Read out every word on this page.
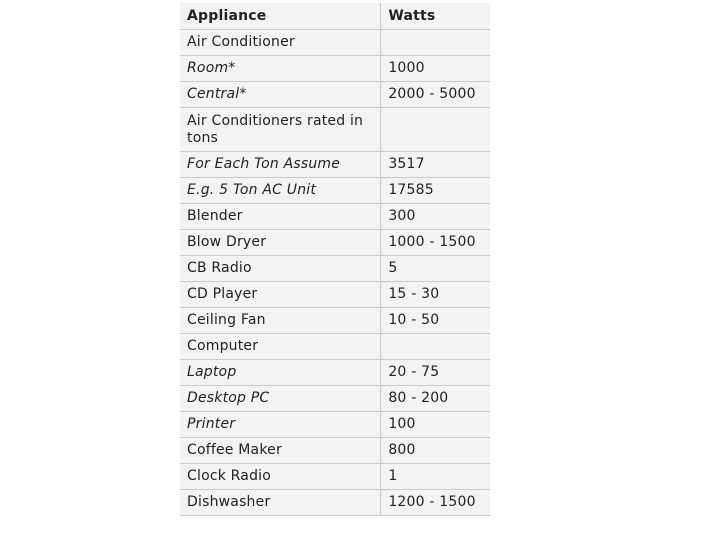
Appliance	Watts
Air Conditioner	
Room*	1000
Central*	2000 - 5000
Air Conditioners rated in tons	
For Each Ton Assume	3517
E.g. 5 Ton AC Unit	17585
Blender	300
Blow Dryer	1000 - 1500
CB Radio	5
CD Player	15 - 30
Ceiling Fan	10 - 50
Computer	
Laptop	20 - 75
Desktop PC	80 - 200
Printer	100
Coffee Maker	800
Clock Radio	1
Dishwasher	1200 - 1500
